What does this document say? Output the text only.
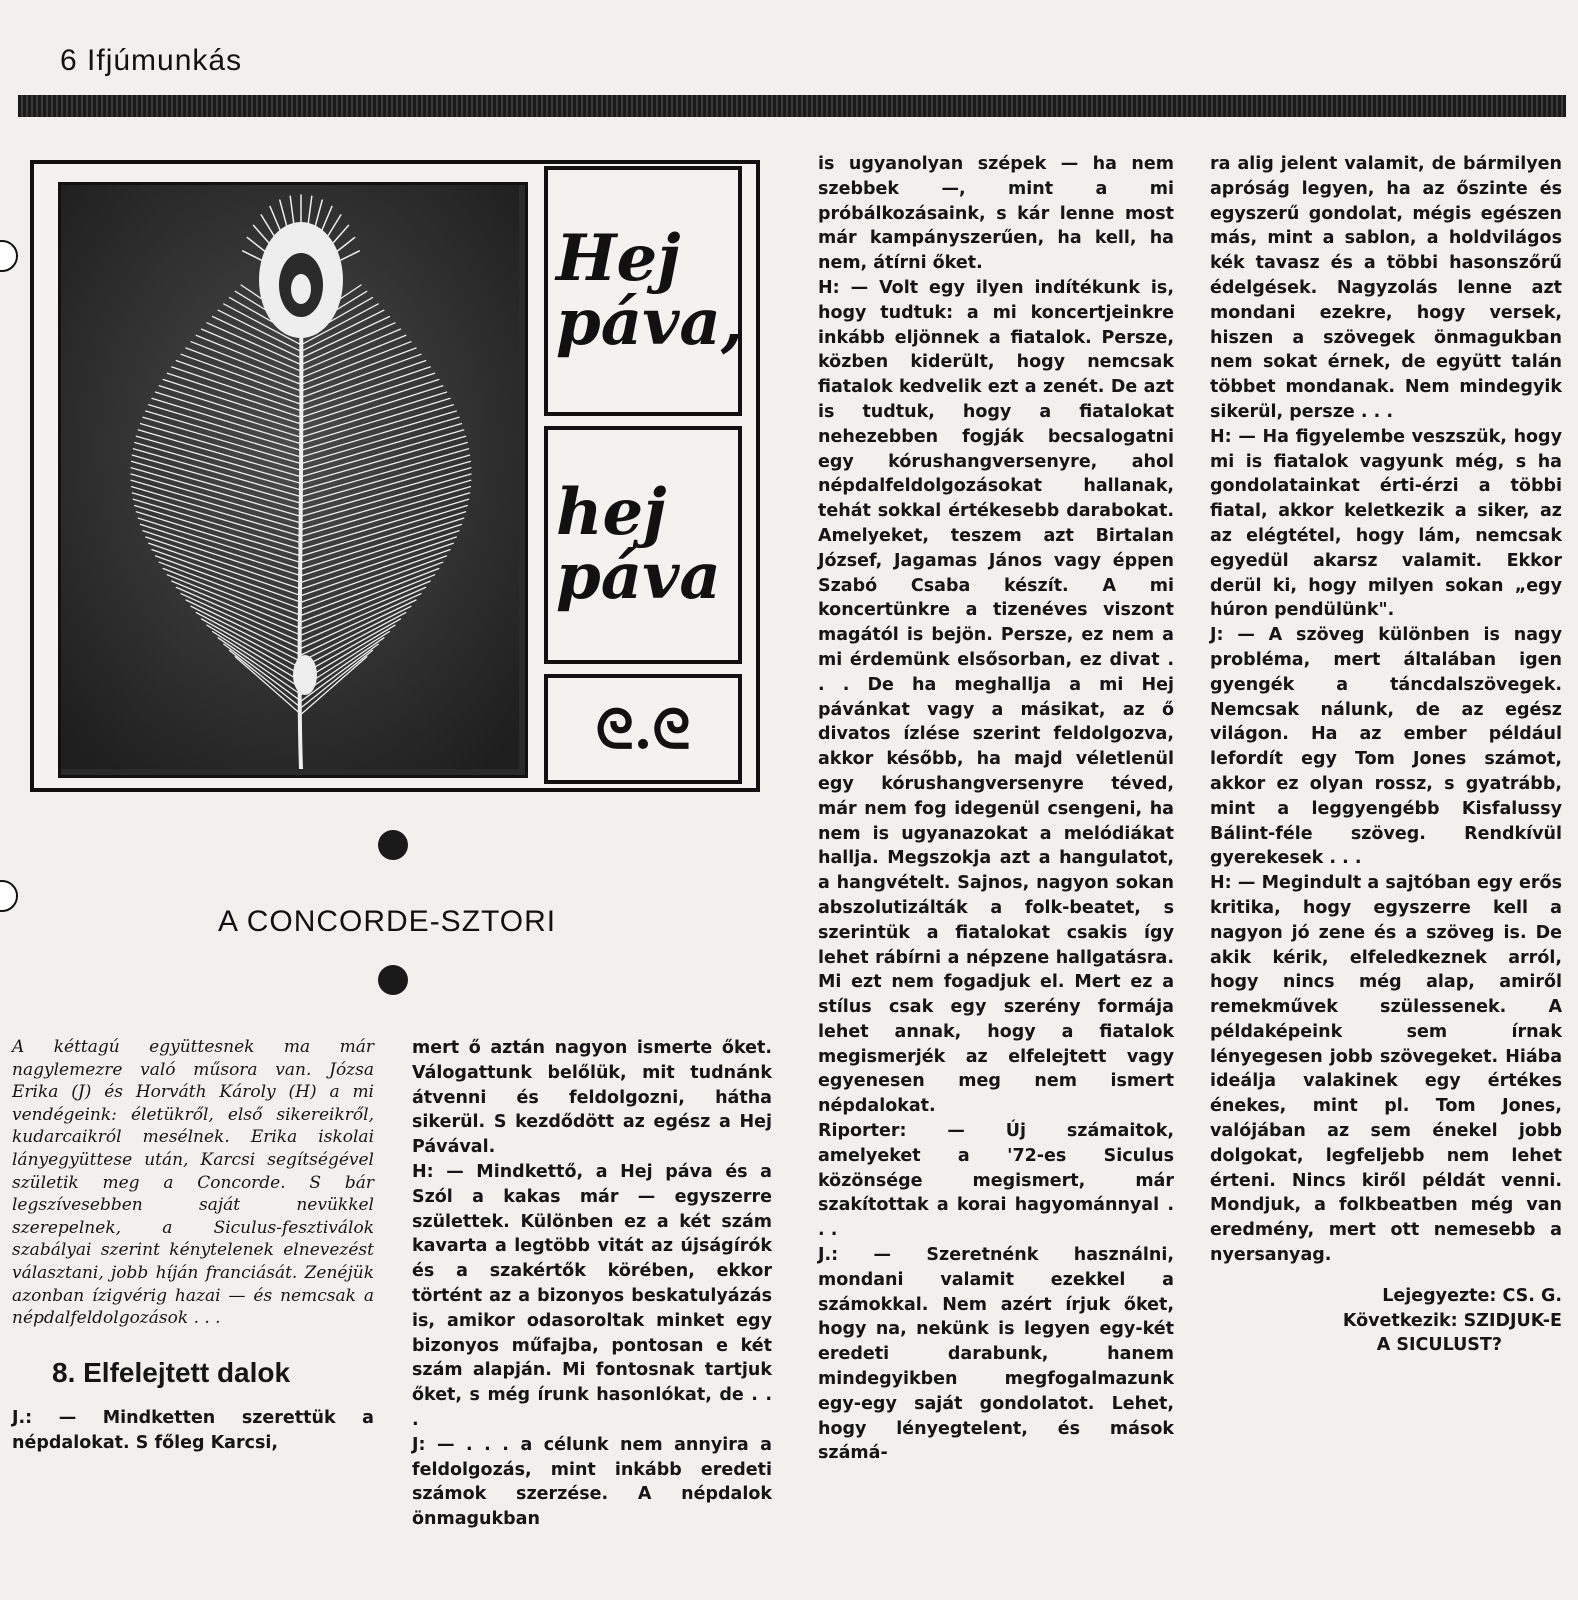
6 Ifjúmunkás
Hej
páva,
hej
páva
ᘓ.ᘓ
A CONCORDE-SZTORI

A kéttagú együttesnek ma már nagylemezre való műsora van. Józsa Erika (J) és Horváth Károly (H) a mi vendégeink: életükről, első sikereikről, kudarcaikról mesélnek. Erika iskolai lányegyüttese után, Karcsi segítségével születik meg a Concorde. S bár legszívesebben saját nevükkel szerepelnek, a Siculus-fesztiválok szabályai szerint kénytelenek elnevezést választani, jobb híján franciását. Zenéjük azonban ízigvérig hazai — és nemcsak a népdalfeldolgozások . . .

8. Elfelejtett dalok

J.: — Mindketten szerettük a népdalokat. S főleg Karcsi,

mert ő aztán nagyon ismerte őket. Válogattunk belőlük, mit tudnánk átvenni és feldolgozni, hátha sikerül. S kezdődött az egész a Hej Pávával.
H: — Mindkettő, a Hej páva és a Szól a kakas már — egyszerre születtek. Különben ez a két szám kavarta a legtöbb vitát az újságírók és a szakértők körében, ekkor történt az a bizonyos beskatulyázás is, amikor odasoroltak minket egy bizonyos műfajba, pontosan e két szám alapján. Mi fontosnak tartjuk őket, s még írunk hasonlókat, de . . .
J: — . . . a célunk nem annyira a feldolgozás, mint inkább eredeti számok szerzése. A népdalok önmagukban

is ugyanolyan szépek — ha nem szebbek —, mint a mi próbálkozásaink, s kár lenne most már kampányszerűen, ha kell, ha nem, átírni őket.
H: — Volt egy ilyen indítékunk is, hogy tudtuk: a mi koncertjeinkre inkább eljönnek a fiatalok. Persze, közben kiderült, hogy nemcsak fiatalok kedvelik ezt a zenét. De azt is tudtuk, hogy a fiatalokat nehezebben fogják becsalogatni egy kórushangversenyre, ahol népdalfeldolgozásokat hallanak, tehát sokkal értékesebb darabokat. Amelyeket, teszem azt Birtalan József, Jagamas János vagy éppen Szabó Csaba készít. A mi koncertünkre a tizenéves viszont magától is bejön. Persze, ez nem a mi érdemünk elsősorban, ez divat . . . De ha meghallja a mi Hej pávánkat vagy a másikat, az ő divatos ízlése szerint feldolgozva, akkor később, ha majd véletlenül egy kórushangversenyre téved, már nem fog idegenül csengeni, ha nem is ugyanazokat a melódiákat hallja. Megszokja azt a hangulatot, a hangvételt. Sajnos, nagyon sokan abszolutizálták a folk-beatet, s szerintük a fiatalokat csakis így lehet rábírni a népzene hallgatásra. Mi ezt nem fogadjuk el. Mert ez a stílus csak egy szerény formája lehet annak, hogy a fiatalok megismerjék az elfelejtett vagy egyenesen meg nem ismert népdalokat.
Riporter: — Új számaitok, amelyeket a '72-es Siculus közönsége megismert, már szakítottak a korai hagyománnyal . . .
J.: — Szeretnénk használni, mondani valamit ezekkel a számokkal. Nem azért írjuk őket, hogy na, nekünk is legyen egy-két eredeti darabunk, hanem mindegyikben megfogalmazunk egy-egy saját gondolatot. Lehet, hogy lényegtelent, és mások számá-

ra alig jelent valamit, de bármilyen apróság legyen, ha az őszinte és egyszerű gondolat, mégis egészen más, mint a sablon, a holdvilágos kék tavasz és a többi hasonszőrű édelgések. Nagyzolás lenne azt mondani ezekre, hogy versek, hiszen a szövegek önmagukban nem sokat érnek, de együtt talán többet mondanak. Nem mindegyik sikerül, persze . . .
H: — Ha figyelembe veszszük, hogy mi is fiatalok vagyunk még, s ha gondolatainkat érti-érzi a többi fiatal, akkor keletkezik a siker, az az elégtétel, hogy lám, nemcsak egyedül akarsz valamit. Ekkor derül ki, hogy milyen sokan „egy húron pendülünk".
J: — A szöveg különben is nagy probléma, mert általában igen gyengék a táncdalszövegek. Nemcsak nálunk, de az egész világon. Ha az ember például lefordít egy Tom Jones számot, akkor ez olyan rossz, s gyatrább, mint a leggyengébb Kisfalussy Bálint-féle szöveg. Rendkívül gyerekesek . . .
H: — Megindult a sajtóban egy erős kritika, hogy egyszerre kell a nagyon jó zene és a szöveg is. De akik kérik, elfeledkeznek arról, hogy nincs még alap, amiről remekművek szülessenek. A példaképeink sem írnak lényegesen jobb szövegeket. Hiába ideálja valakinek egy értékes énekes, mint pl. Tom Jones, valójában az sem énekel jobb dolgokat, legfeljebb nem lehet érteni. Nincs kiről példát venni. Mondjuk, a folkbeatben még van eredmény, mert ott nemesebb a nyersanyag.

Lejegyezte: CS. G.

Következik: SZIDJUK-E

A SICULUST?
